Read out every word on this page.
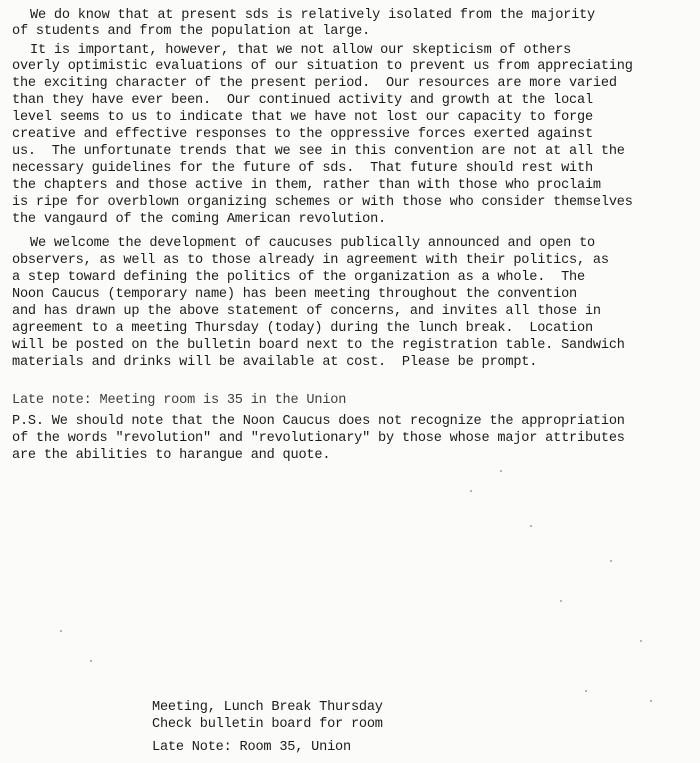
We do know that at present sds is relatively isolated from the majority
of students and from the population at large.
It is important, however, that we not allow our skepticism of others
overly optimistic evaluations of our situation to prevent us from appreciating
the exciting character of the present period.  Our resources are more varied
than they have ever been.  Our continued activity and growth at the local
level seems to us to indicate that we have not lost our capacity to forge
creative and effective responses to the oppressive forces exerted against
us.  The unfortunate trends that we see in this convention are not at all the
necessary guidelines for the future of sds.  That future should rest with
the chapters and those active in them, rather than with those who proclaim
is ripe for overblown organizing schemes or with those who consider themselves
the vangaurd of the coming American revolution.
We welcome the development of caucuses publically announced and open to
observers, as well as to those already in agreement with their politics, as
a step toward defining the politics of the organization as a whole.  The
Noon Caucus (temporary name) has been meeting throughout the convention
and has drawn up the above statement of concerns, and invites all those in
agreement to a meeting Thursday (today) during the lunch break.  Location
will be posted on the bulletin board next to the registration table. Sandwich
materials and drinks will be available at cost.  Please be prompt.
Late note: Meeting room is 35 in the Union
P.S. We should note that the Noon Caucus does not recognize the appropriation
of the words "revolution" and "revolutionary" by those whose major attributes
are the abilities to harangue and quote.
Meeting, Lunch Break Thursday
Check bulletin board for room
Late Note: Room 35, Union
